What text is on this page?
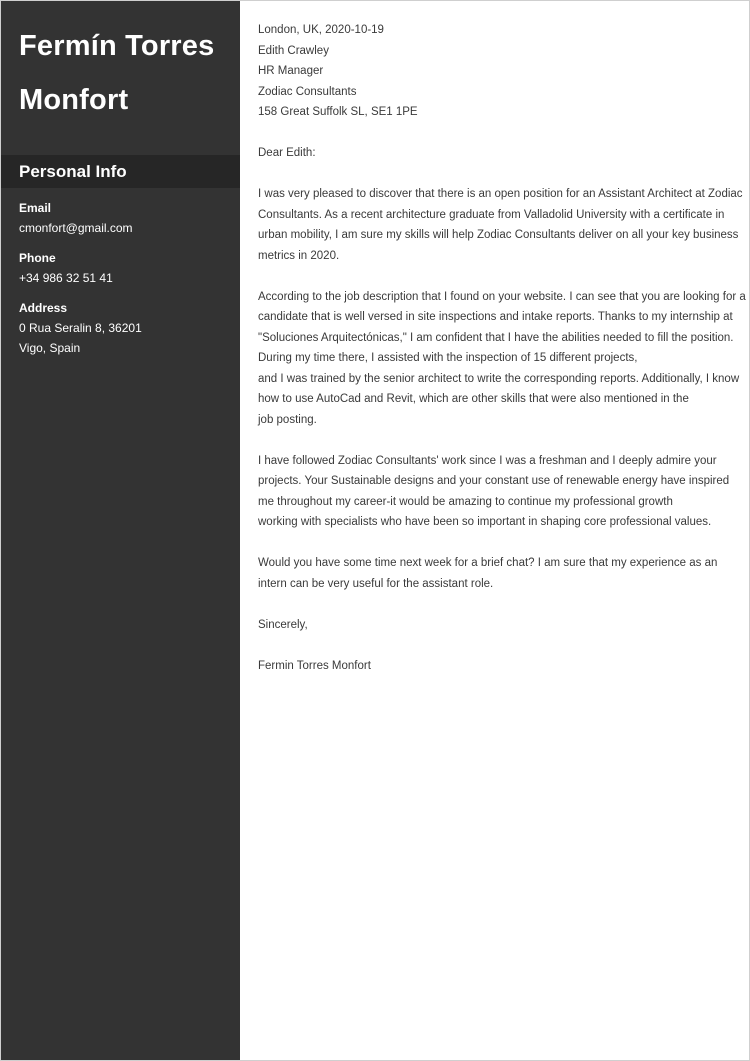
Fermín Torres
Monfort
Personal Info
Email
cmonfort@gmail.com
Phone
+34 986 32 51 41
Address
0 Rua Seralin 8, 36201
Vigo, Spain

London, UK, 2020-10-19
Edith Crawley
HR Manager
Zodiac Consultants
158 Great Suffolk SL, SE1 1PE

Dear Edith:

I was very pleased to discover that there is an open position for an Assistant Architect at Zodiac
Consultants. As a recent architecture graduate from Valladolid University with a certificate in
urban mobility, I am sure my skills will help Zodiac Consultants deliver on all your key business
metrics in 2020.

According to the job description that I found on your website. I can see that you are looking for a
candidate that is well versed in site inspections and intake reports. Thanks to my internship at
"Soluciones Arquitectónicas," I am confident that I have the abilities needed to fill the position.
During my time there, I assisted with the inspection of 15 different projects,
and I was trained by the senior architect to write the corresponding reports. Additionally, I know
how to use AutoCad and Revit, which are other skills that were also mentioned in the
job posting.

I have followed Zodiac Consultants' work since I was a freshman and I deeply admire your
projects. Your Sustainable designs and your constant use of renewable energy have inspired
me throughout my career-it would be amazing to continue my professional growth
working with specialists who have been so important in shaping core professional values.

Would you have some time next week for a brief chat? I am sure that my experience as an
intern can be very useful for the assistant role.

Sincerely,

Fermin Torres Monfort
